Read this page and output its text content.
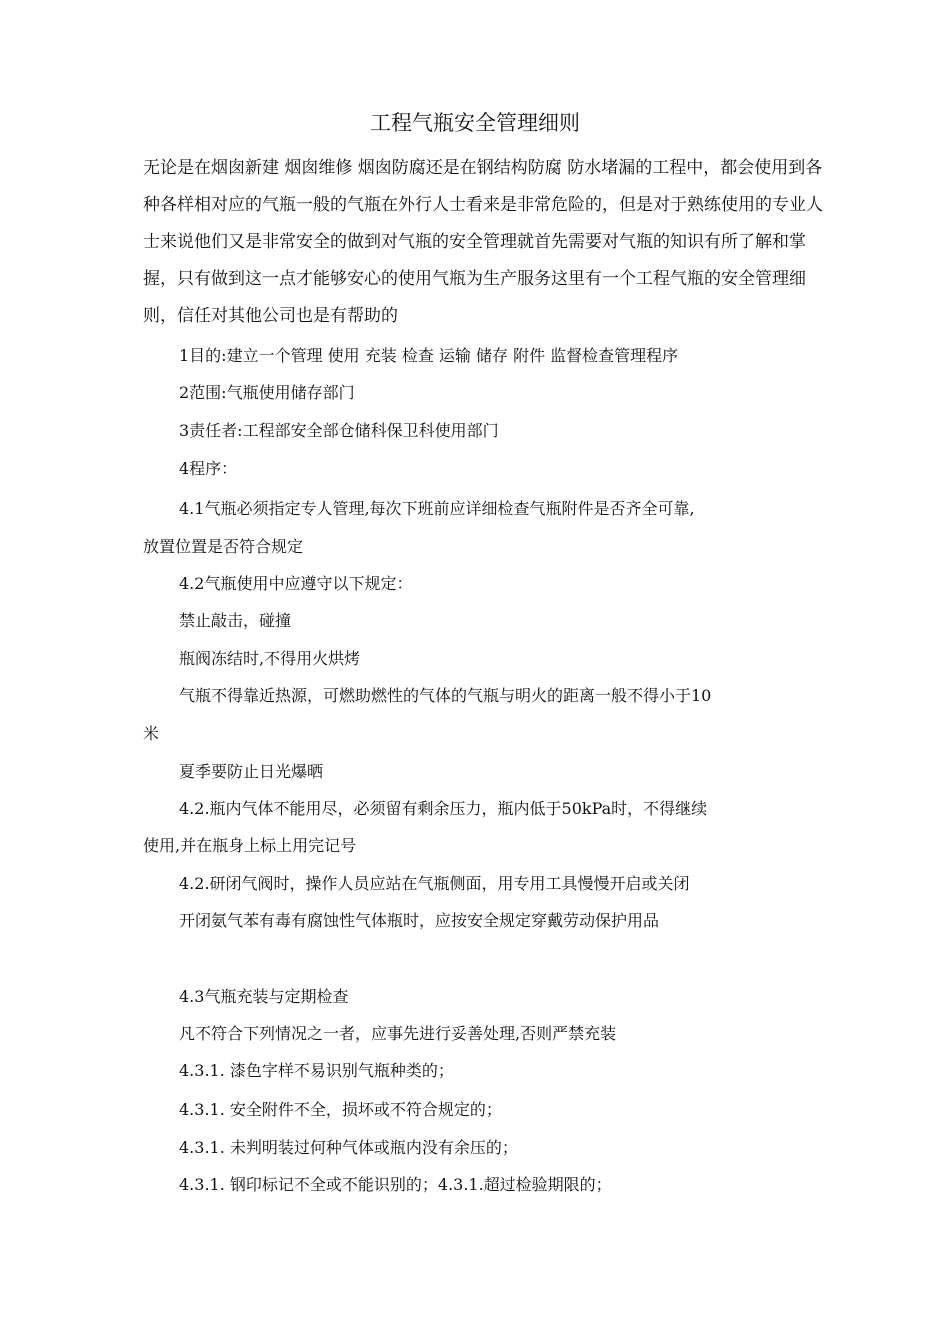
工程气瓶安全管理细则

无论是在烟囱新建 烟囱维修 烟囱防腐还是在钢结构防腐 防水堵漏的工程中，都会使用到各种各样相对应的气瓶一般的气瓶在外行人士看来是非常危险的，但是对于熟练使用的专业人士来说他们又是非常安全的做到对气瓶的安全管理就首先需要对气瓶的知识有所了解和掌握，只有做到这一点才能够安心的使用气瓶为生产服务这里有一个工程气瓶的安全管理细则，信任对其他公司也是有帮助的

1目的:建立一个管理 使用 充装 检查 运输 储存 附件 监督检查管理程序

2范围:气瓶使用储存部门

3责任者:工程部安全部仓储科保卫科使用部门

4程序：

4.1气瓶必须指定专人管理,每次下班前应详细检查气瓶附件是否齐全可靠,

放置位置是否符合规定

4.2气瓶使用中应遵守以下规定：

禁止敲击，碰撞

瓶阀冻结时,不得用火烘烤

气瓶不得靠近热源，可燃助燃性的气体的气瓶与明火的距离一般不得小于10

米

夏季要防止日光爆晒

4.2.瓶内气体不能用尽，必须留有剩余压力，瓶内低于50kPa时，不得继续

使用,并在瓶身上标上用完记号

4.2.研闭气阀时，操作人员应站在气瓶侧面，用专用工具慢慢开启或关闭

开闭氨气苯有毒有腐蚀性气体瓶时，应按安全规定穿戴劳动保护用品

4.3气瓶充装与定期检查

凡不符合下列情况之一者，应事先进行妥善处理,否则严禁充装

4.3.1. 漆色字样不易识别气瓶种类的；

4.3.1. 安全附件不全，损坏或不符合规定的；

4.3.1. 未判明装过何种气体或瓶内没有余压的；

4.3.1. 钢印标记不全或不能识别的；4.3.1.超过检验期限的；
